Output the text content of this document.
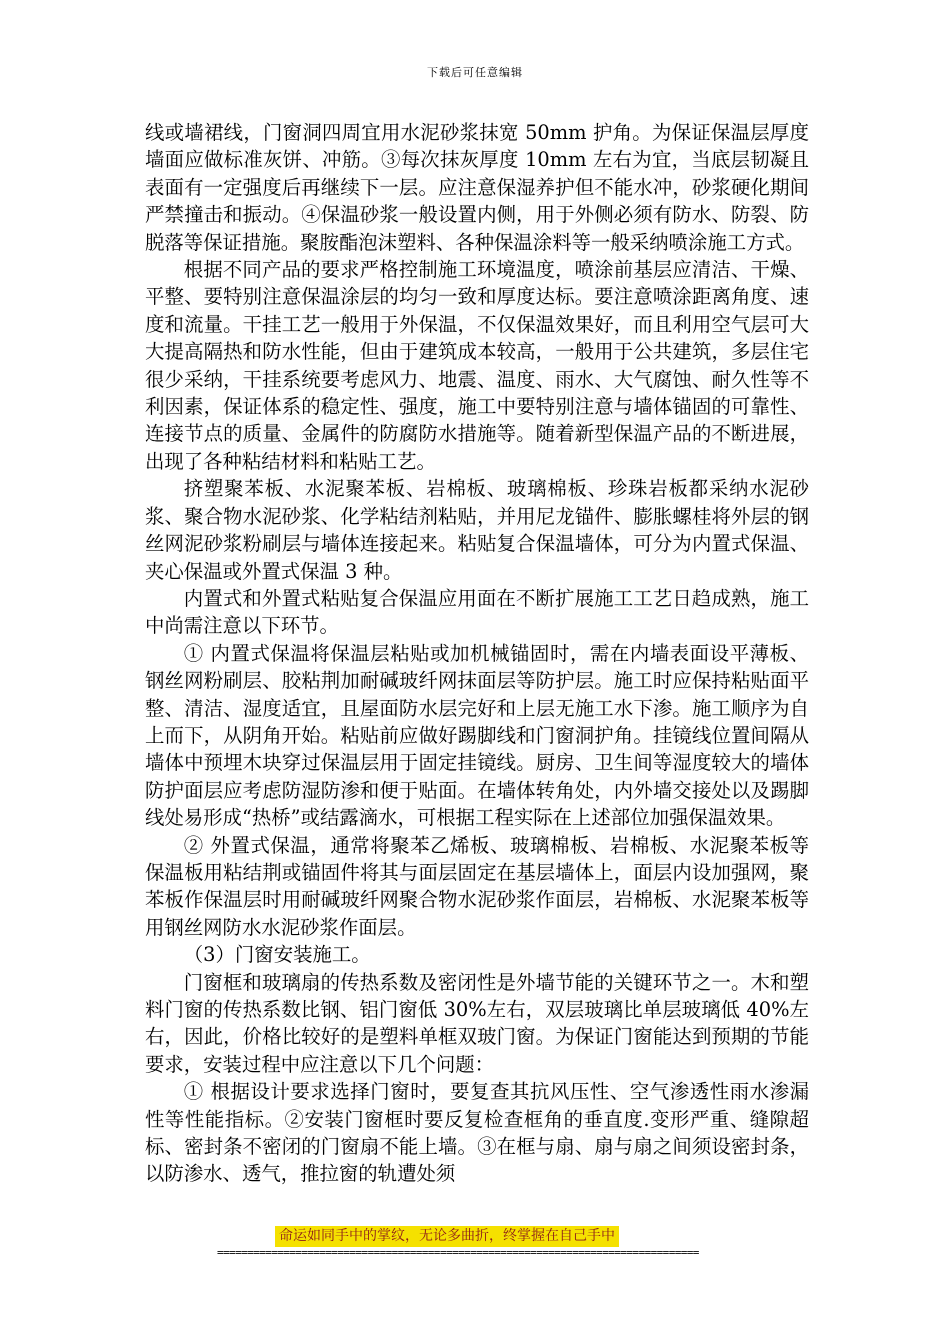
下载后可任意编辑

线或墙裙线，门窗洞四周宜用水泥砂浆抹宽 50mm 护角。为保证保温层厚度墙面应做标准灰饼、冲筋。③每次抹灰厚度 10mm 左右为宜，当底层韧凝且表面有一定强度后再继续下一层。应注意保湿养护但不能水冲，砂浆硬化期间严禁撞击和振动。④保温砂浆一般设置内侧，用于外侧必须有防水、防裂、防脱落等保证措施。聚胺酯泡沫塑料、各种保温涂料等一般采纳喷涂施工方式。

根据不同产品的要求严格控制施工环境温度，喷涂前基层应清洁、干燥、平整、要特别注意保温涂层的均匀一致和厚度达标。要注意喷涂距离角度、速度和流量。干挂工艺一般用于外保温，不仅保温效果好，而且利用空气层可大大提高隔热和防水性能，但由于建筑成本较高，一般用于公共建筑，多层住宅很少采纳，干挂系统要考虑风力、地震、温度、雨水、大气腐蚀、耐久性等不利因素，保证体系的稳定性、强度，施工中要特别注意与墙体锚固的可靠性、连接节点的质量、金属件的防腐防水措施等。随着新型保温产品的不断进展，出现了各种粘结材料和粘贴工艺。

挤塑聚苯板、水泥聚苯板、岩棉板、玻璃棉板、珍珠岩板都采纳水泥砂浆、聚合物水泥砂浆、化学粘结剂粘贴，并用尼龙锚件、膨胀螺桂将外层的钢丝网泥砂浆粉刷层与墙体连接起来。粘贴复合保温墙体，可分为内置式保温、夹心保温或外置式保温 3 种。

内置式和外置式粘贴复合保温应用面在不断扩展施工工艺日趋成熟，施工中尚需注意以下环节。

① 内置式保温将保温层粘贴或加机械锚固时，需在内墙表面设平薄板、钢丝网粉刷层、胶粘荆加耐碱玻纤网抹面层等防护层。施工时应保持粘贴面平整、清洁、湿度适宜，且屋面防水层完好和上层无施工水下渗。施工顺序为自上而下，从阴角开始。粘贴前应做好踢脚线和门窗洞护角。挂镜线位置间隔从墙体中预埋木块穿过保温层用于固定挂镜线。厨房、卫生间等湿度较大的墙体防护面层应考虑防湿防渗和便于贴面。在墙体转角处，内外墙交接处以及踢脚线处易形成“热桥”或结露滴水，可根据工程实际在上述部位加强保温效果。

② 外置式保温，通常将聚苯乙烯板、玻璃棉板、岩棉板、水泥聚苯板等保温板用粘结荆或锚固件将其与面层固定在基层墙体上，面层内设加强网，聚苯板作保温层时用耐碱玻纤网聚合物水泥砂浆作面层，岩棉板、水泥聚苯板等用钢丝网防水水泥砂浆作面层。

（3）门窗安装施工。

门窗框和玻璃扇的传热系数及密闭性是外墙节能的关键环节之一。木和塑料门窗的传热系数比钢、铝门窗低 30%左右，双层玻璃比单层玻璃低 40%左右，因此，价格比较好的是塑料单框双玻门窗。为保证门窗能达到预期的节能要求，安装过程中应注意以下几个问题：

① 根据设计要求选择门窗时，要复查其抗风压性、空气渗透性雨水渗漏性等性能指标。②安装门窗框时要反复检查框角的垂直度.变形严重、缝隙超标、密封条不密闭的门窗扇不能上墙。③在框与扇、扇与扇之间须设密封条，以防渗水、透气，推拉窗的轨遭处须

命运如同手中的掌纹，无论多曲折，终掌握在自己手中
================================================================================
